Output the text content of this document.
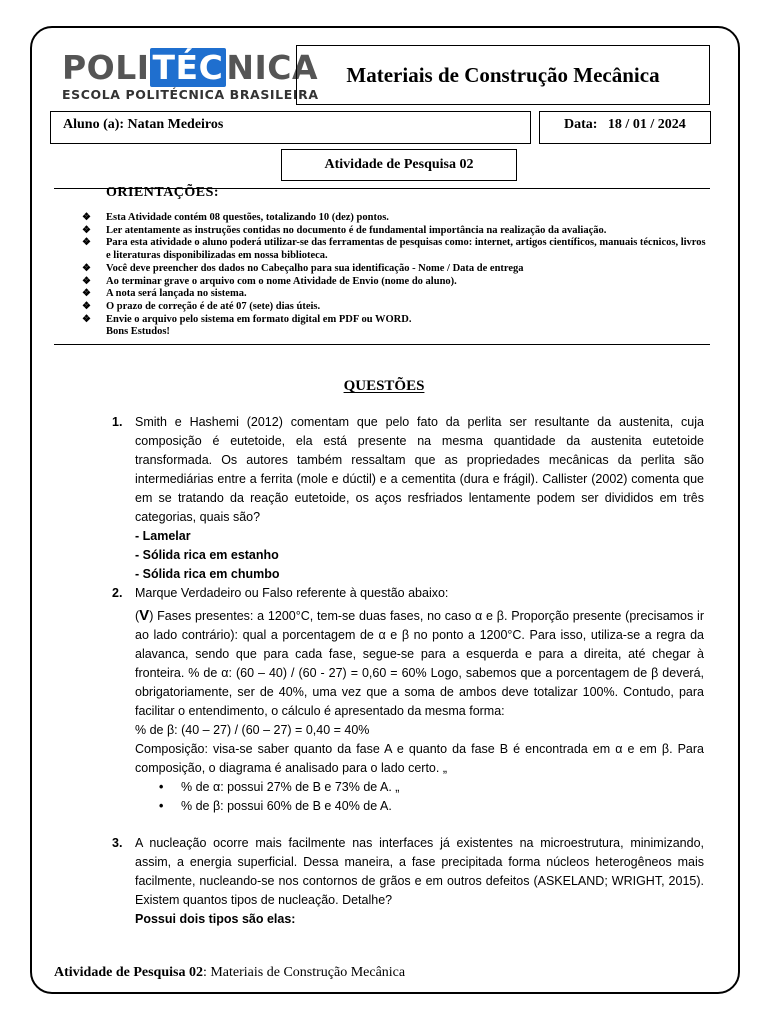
POLITÉCNICA
ESCOLA POLITÉCNICA BRASILEIRA
Materiais de Construção Mecânica
Aluno (a): Natan Medeiros	Data:   18 / 01 / 2024
Atividade de Pesquisa 02
ORIENTAÇÕES:
❖ Esta Atividade contém 08 questões, totalizando 10 (dez) pontos.
❖ Ler atentamente as instruções contidas no documento é de fundamental importância na realização da avaliação.
❖ Para esta atividade o aluno poderá utilizar-se das ferramentas de pesquisas como: internet, artigos científicos, manuais técnicos, livros e literaturas disponibilizadas em nossa biblioteca.
❖ Você deve preencher dos dados no Cabeçalho para sua identificação - Nome / Data de entrega
❖ Ao terminar grave o arquivo com o nome Atividade de Envio (nome do aluno).
❖ A nota será lançada no sistema.
❖ O prazo de correção é de até 07 (sete) dias úteis.
❖ Envie o arquivo pelo sistema em formato digital em PDF ou WORD.
Bons Estudos!
QUESTÕES
1. Smith e Hashemi (2012) comentam que pelo fato da perlita ser resultante da austenita, cuja composição é eutetoide, ela está presente na mesma quantidade da austenita eutetoide transformada. Os autores também ressaltam que as propriedades mecânicas da perlita são intermediárias entre a ferrita (mole e dúctil) e a cementita (dura e frágil). Callister (2002) comenta que em se tratando da reação eutetoide, os aços resfriados lentamente podem ser divididos em três categorias, quais são?
- Lamelar
- Sólida rica em estanho
- Sólida rica em chumbo
2. Marque Verdadeiro ou Falso referente à questão abaixo:
(V) Fases presentes: a 1200°C, tem-se duas fases, no caso α e β. Proporção presente (precisamos ir ao lado contrário): qual a porcentagem de α e β no ponto a 1200°C. Para isso, utiliza-se a regra da alavanca, sendo que para cada fase, segue-se para a esquerda e para a direita, até chegar à fronteira. % de α: (60 – 40) / (60 - 27) = 0,60 = 60% Logo, sabemos que a porcentagem de β deverá, obrigatoriamente, ser de 40%, uma vez que a soma de ambos deve totalizar 100%. Contudo, para facilitar o entendimento, o cálculo é apresentado da mesma forma:
% de β: (40 – 27) / (60 – 27) = 0,40 = 40%
Composição: visa-se saber quanto da fase A e quanto da fase B é encontrada em α e em β. Para composição, o diagrama é analisado para o lado certo. „
• % de α: possui 27% de B e 73% de A. „
• % de β: possui 60% de B e 40% de A.
3. A nucleação ocorre mais facilmente nas interfaces já existentes na microestrutura, minimizando, assim, a energia superficial. Dessa maneira, a fase precipitada forma núcleos heterogêneos mais facilmente, nucleando-se nos contornos de grãos e em outros defeitos (ASKELAND; WRIGHT, 2015). Existem quantos tipos de nucleação. Detalhe?
Possui dois tipos são elas:
Atividade de Pesquisa 02: Materiais de Construção Mecânica
